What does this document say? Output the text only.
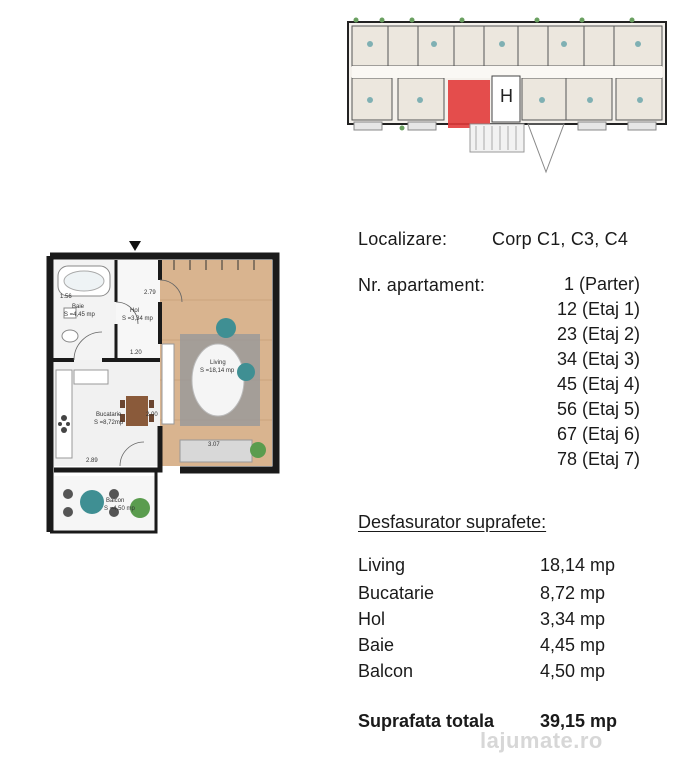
H
Baie
S =4,45 mp
Hol
S =3,34 mp
Living
S =18,14 mp
Bucatarie
S =8,72mp
Balcon
S =4,50 mp
1.56
2.79
1.20
2.00
2.89
3.07
Localizare: Corp C1, C3, C4
Nr. apartament:	1 (Parter)
12 (Etaj 1)
23 (Etaj 2)
34 (Etaj 3)
45 (Etaj 4)
56 (Etaj 5)
67 (Etaj 6)
78 (Etaj 7)
Desfasurator suprafete:
Living	18,14 mp
Bucatarie	8,72 mp
Hol	3,34 mp
Baie	4,45 mp
Balcon	4,50 mp
Suprafata totala	39,15 mp
lajumate.ro
